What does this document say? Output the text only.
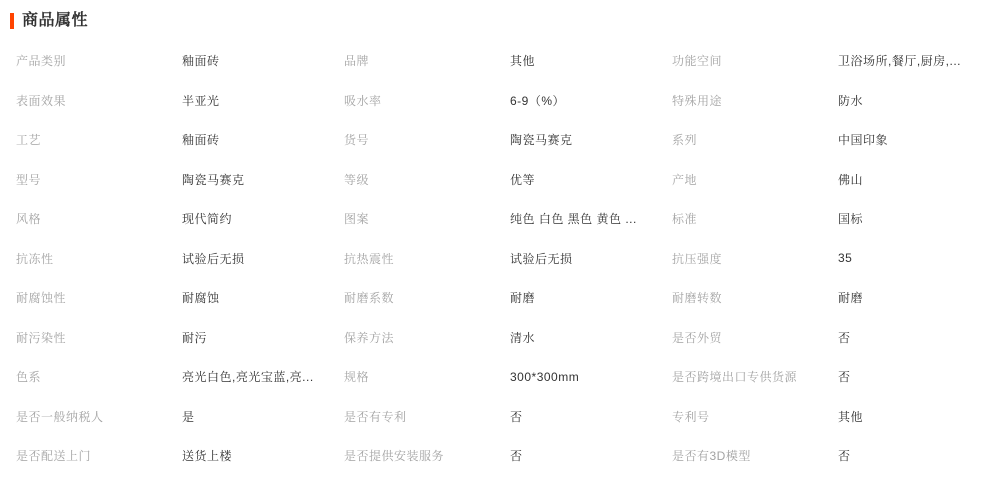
商品属性
产品类别	釉面砖	品牌	其他	功能空间	卫浴场所,餐厅,厨房,...
表面效果	半亚光	吸水率	6-9（%）	特殊用途	防水
工艺	釉面砖	货号	陶瓷马赛克	系列	中国印象
型号	陶瓷马赛克	等级	优等	产地	佛山
风格	现代简约	图案	纯色 白色 黑色 黄色 ...	标准	国标
抗冻性	试验后无损	抗热震性	试验后无损	抗压强度	35
耐腐蚀性	耐腐蚀	耐磨系数	耐磨	耐磨转数	耐磨
耐污染性	耐污	保养方法	清水	是否外贸	否
色系	亮光白色,亮光宝蓝,亮...	规格	300*300mm	是否跨境出口专供货源	否
是否一般纳税人	是	是否有专利	否	专利号	其他
是否配送上门	送货上楼	是否提供安装服务	否	是否有3D模型	否
